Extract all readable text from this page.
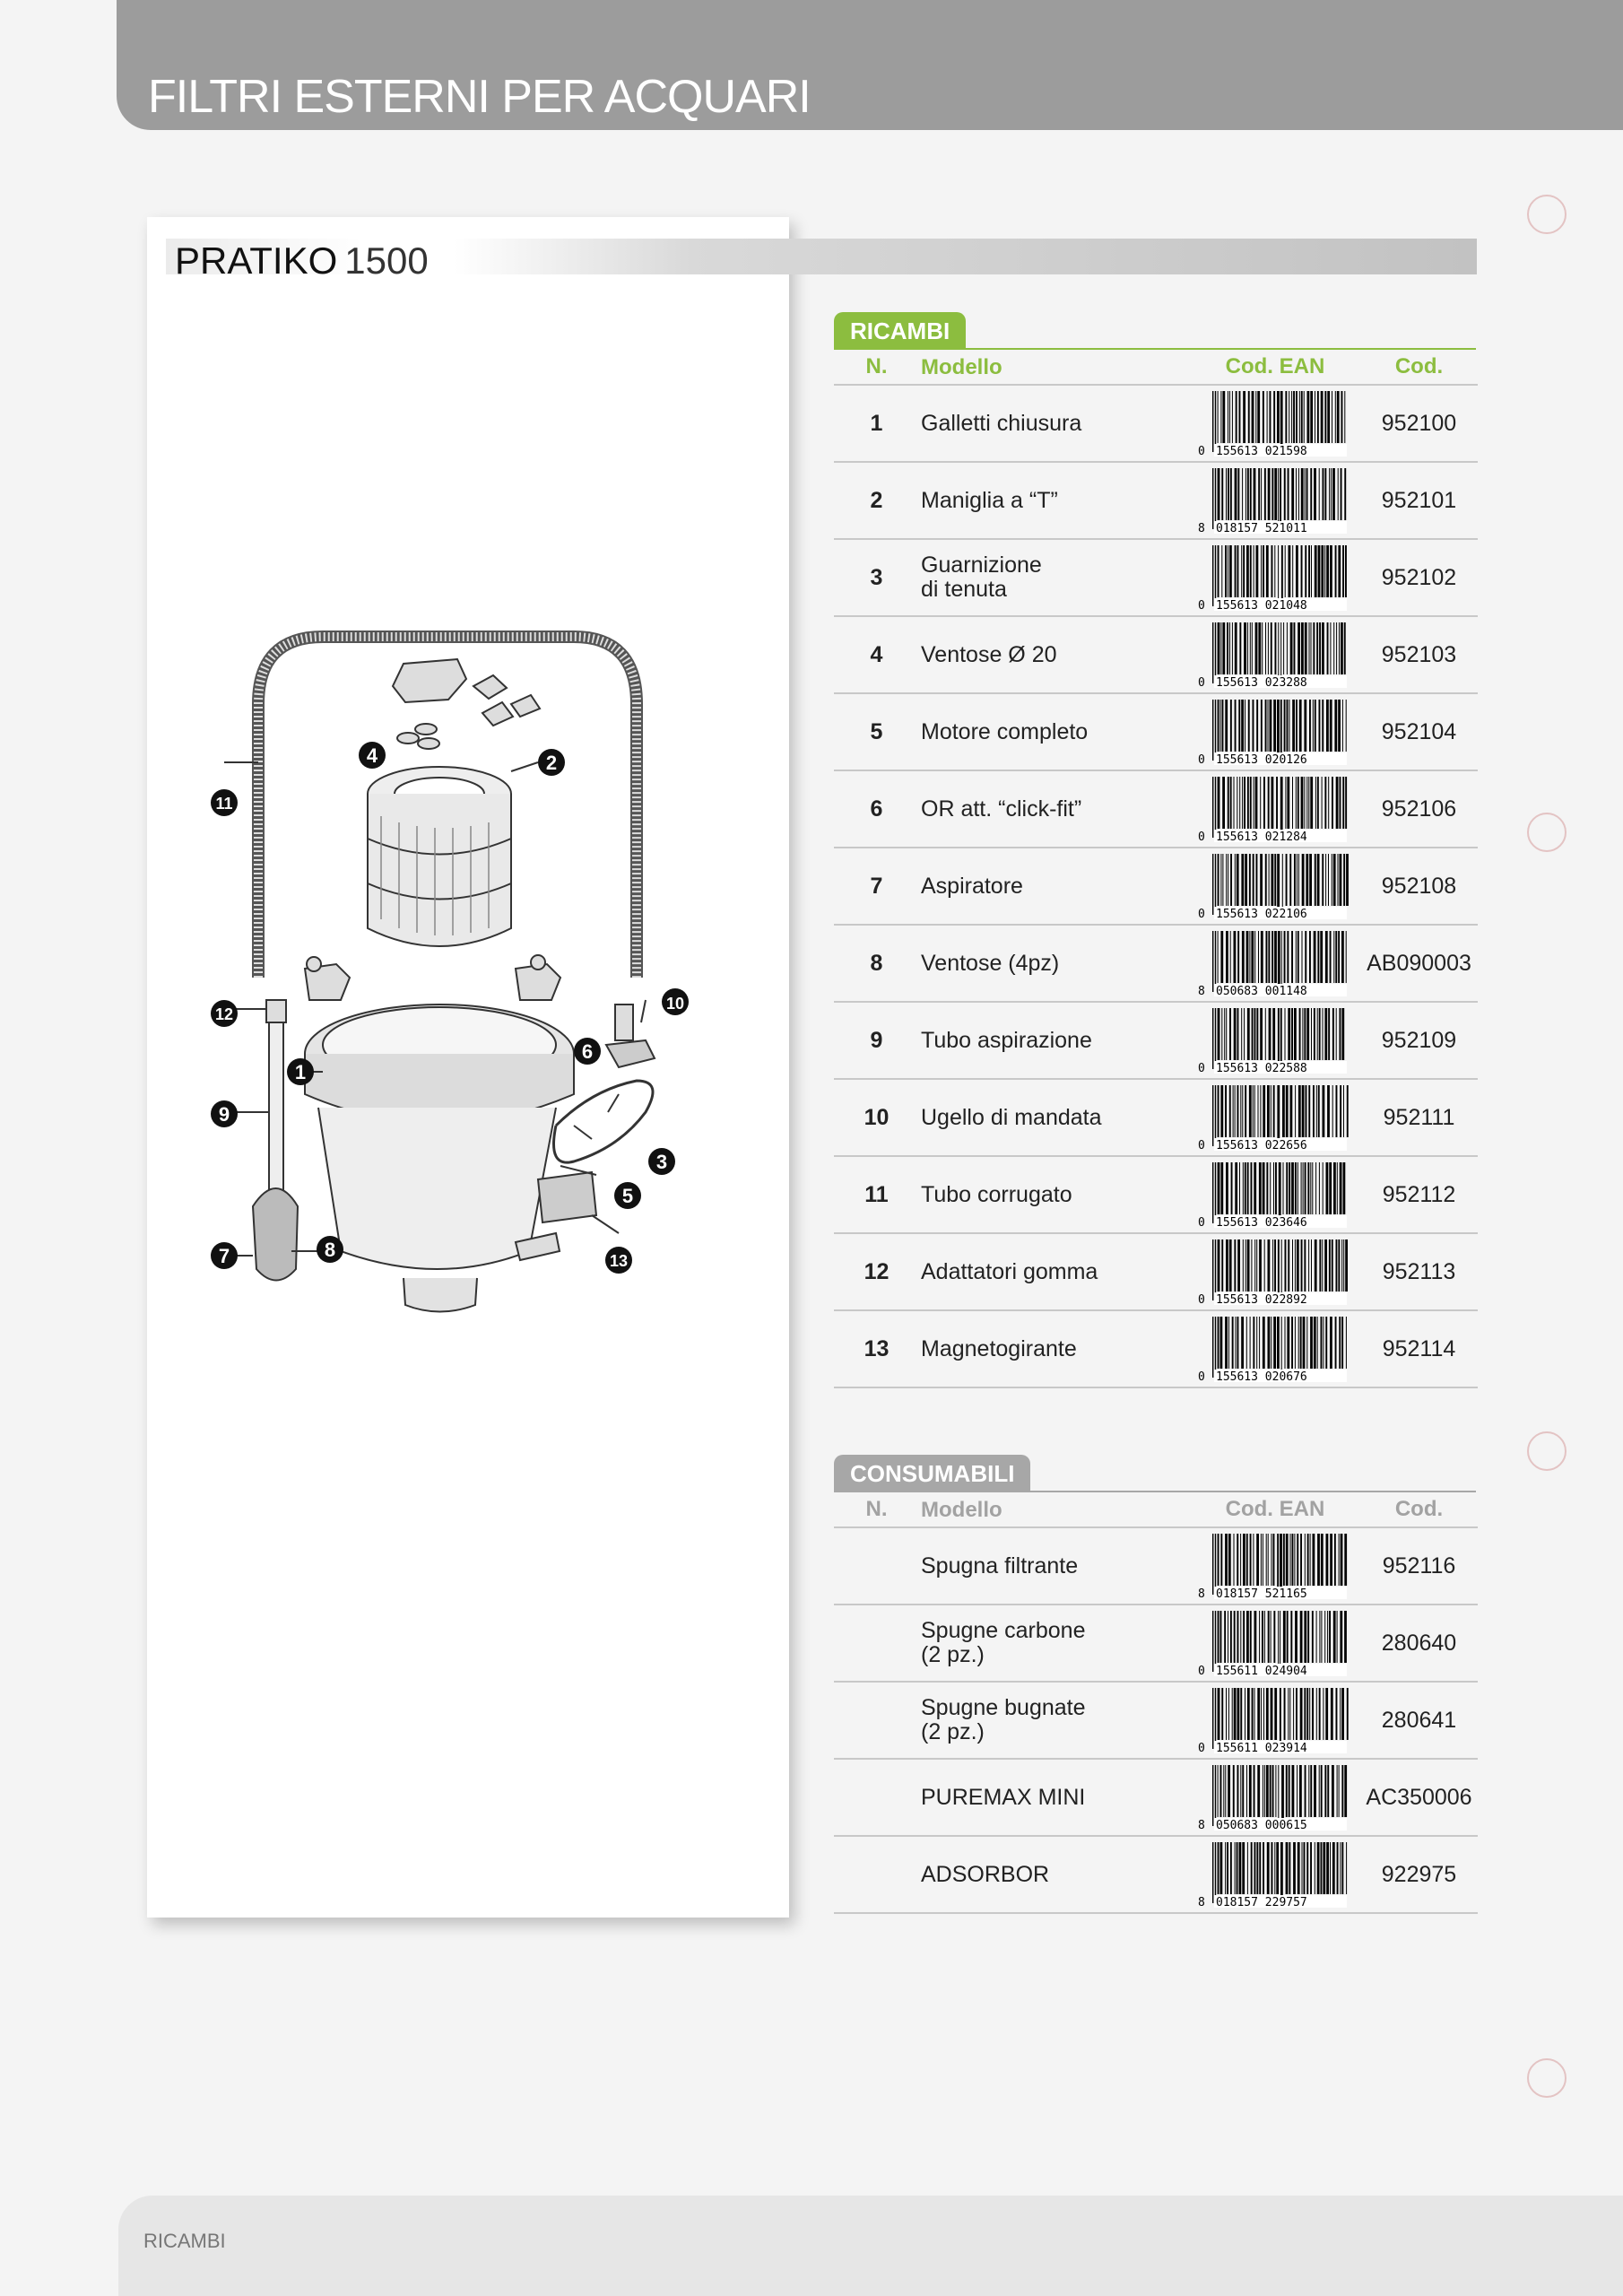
FILTRI ESTERNI PER ACQUARI
PRATIKO 1500
1
2
3
4
5
6
7	8
9
10
11
12
13
RICAMBI
N.	Modello	Cod. EAN	Cod.
1	Galletti chiusura	0 155613 021598	952100
2	Maniglia a “T”	8 018157 521011	952101
3	Guarnizione
di tenuta	0 155613 021048	952102
4	Ventose Ø 20	0 155613 023288	952103
5	Motore completo	0 155613 020126	952104
6	OR att. “click-fit”	0 155613 021284	952106
7	Aspiratore	0 155613 022106	952108
8	Ventose (4pz)	8 050683 001148	AB090003
9	Tubo aspirazione	0 155613 022588	952109
10	Ugello di mandata	0 155613 022656	952111
11	Tubo corrugato	0 155613 023646	952112
12	Adattatori gomma	0 155613 022892	952113
13	Magnetogirante	0 155613 020676	952114
CONSUMABILI
N.	Modello	Cod. EAN	Cod.
	Spugna filtrante	8 018157 521165	952116
	Spugne carbone
(2 pz.)	0 155611 024904	280640
	Spugne bugnate
(2 pz.)	0 155611 023914	280641
	PUREMAX MINI	8 050683 000615	AC350006
	ADSORBOR	8 018157 229757	922975
RICAMBI
